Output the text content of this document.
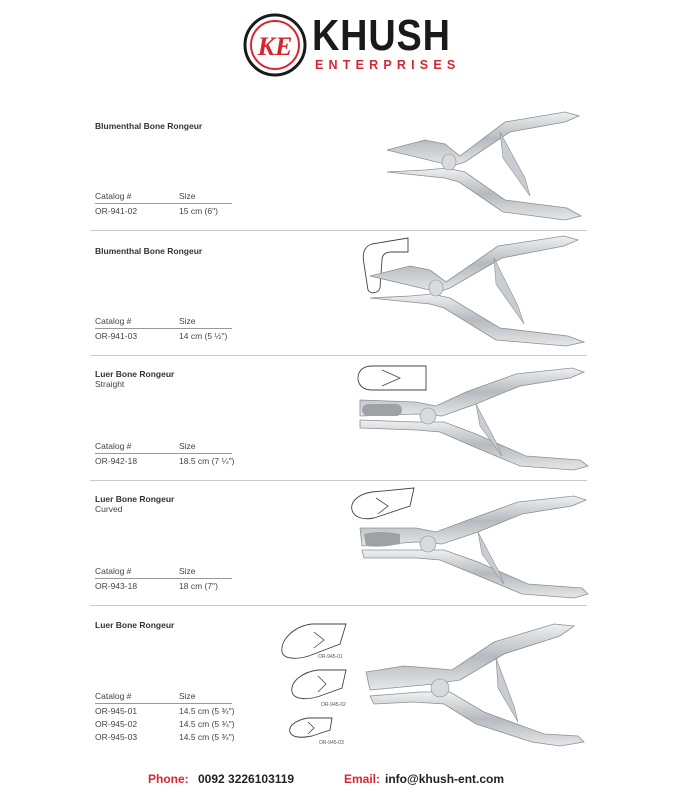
KE KHUSH
ENTERPRISES
Blumenthal Bone Rongeur
Catalog #	Size
OR-941-02	15 cm (6")
Blumenthal Bone Rongeur
Catalog #	Size
OR-941-03	14 cm (5 ½")
Luer Bone Rongeur
Straight
Catalog #	Size
OR-942-18	18.5 cm (7 ¼")
Luer Bone Rongeur
Curved
Catalog #	Size
OR-943-18	18 cm (7")
Luer Bone Rongeur
Catalog #	Size
OR-945-01	14.5 cm (5 ¾")
OR-945-02	14.5 cm (5 ¾")
OR-945-03	14.5 cm (5 ¾")
OR-945-01
OR-945-02
OR-945-03
Phone: 0092 3226103119	Email: info@khush-ent.com
